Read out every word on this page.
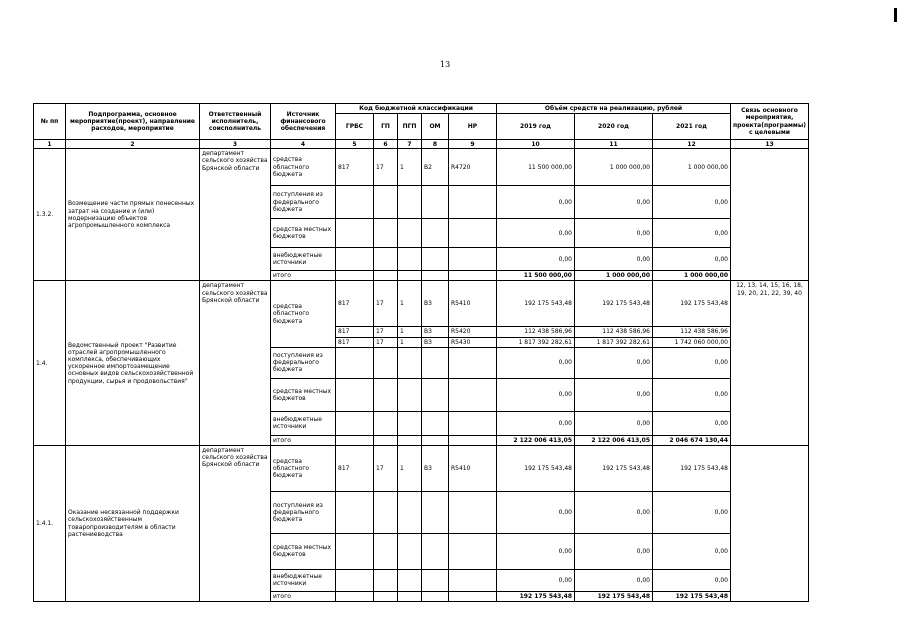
13
№ пп	Подпрограмма, основное мероприятие(проект), направление расходов, мероприятие	Ответственный исполнитель, соисполнитель	Источник финансового обеспечения	Код бюджетной классификации					Объём средств на реализацию, рублей			Связь основного мероприятия, проекта(программы) с целевыми
				ГРБС	ГП	ПГП	ОМ	НР	2019 год	2020 год	2021 год	
1	2	3	4	5	6	7	8	9	10	11	12	13
1.3.2.	Возмещение части прямых понесенных затрат на создание и (или) модернизацию объектов агропромышленного комплекса	департамент сельского хозяйства Брянской области	средства областного бюджета	817	17	1	В2	R4720	11 500 000,00	1 000 000,00	1 000 000,00	
			поступления из федерального бюджета						0,00	0,00	0,00	
			средства местных бюджетов						0,00	0,00	0,00	
			внебюджетные источники						0,00	0,00	0,00	
			итого						11 500 000,00	1 000 000,00	1 000 000,00	
1.4.	Ведомственный проект "Развитие отраслей агропромышленного комплекса, обеспечивающих ускоренное импортозамещение основных видов сельскохозяйственной продукции, сырья и продовольствия"	департамент сельского хозяйства Брянской области	средства областного бюджета	817	17	1	В3	R5410	192 175 543,48	192 175 543,48	192 175 543,48	12, 13, 14, 15, 16, 18, 19, 20, 21, 22, 39, 40
				817	17	1	В3	R5420	112 438 586,96	112 438 586,96	112 438 586,96	
				817	17	1	В3	R5430	1 817 392 282,61	1 817 392 282,61	1 742 060 000,00	
			поступления из федерального бюджета						0,00	0,00	0,00	
			средства местных бюджетов						0,00	0,00	0,00	
			внебюджетные источники						0,00	0,00	0,00	
			итого						2 122 006 413,05	2 122 006 413,05	2 046 674 130,44	
1.4.1.	Оказание несвязанной поддержки сельскохозяйственным товаропроизводителям в области растениеводства	департамент сельского хозяйства Брянской области	средства областного бюджета	817	17	1	В3	R5410	192 175 543,48	192 175 543,48	192 175 543,48	
			поступления из федерального бюджета						0,00	0,00	0,00	
			средства местных бюджетов						0,00	0,00	0,00	
			внебюджетные источники						0,00	0,00	0,00	
			итого						192 175 543,48	192 175 543,48	192 175 543,48	
